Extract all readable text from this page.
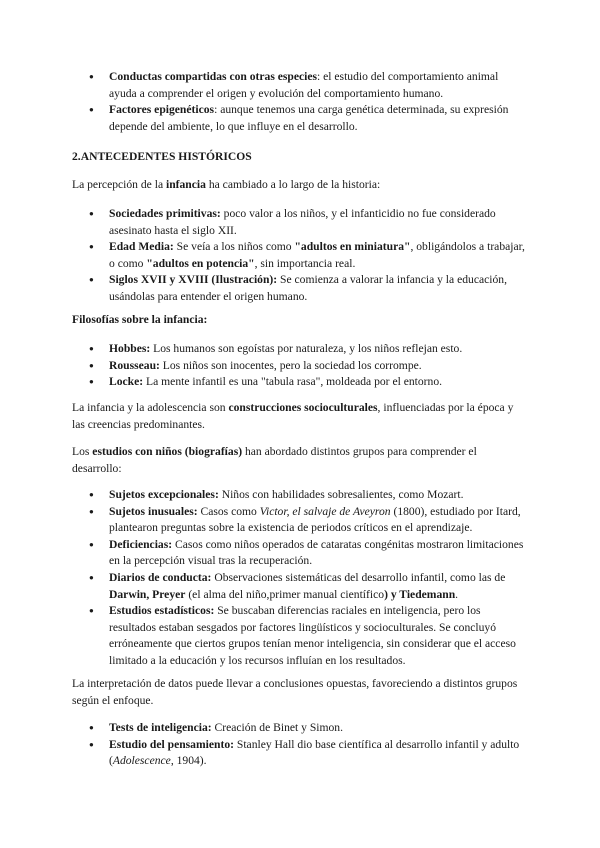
● Conductas compartidas con otras especies: el estudio del comportamiento animal ayuda a comprender el origen y evolución del comportamiento humano.
● Factores epigenéticos: aunque tenemos una carga genética determinada, su expresión depende del ambiente, lo que influye en el desarrollo.

2.ANTECEDENTES HISTÓRICOS

La percepción de la infancia ha cambiado a lo largo de la historia:

● Sociedades primitivas: poco valor a los niños, y el infanticidio no fue considerado asesinato hasta el siglo XII.
● Edad Media: Se veía a los niños como "adultos en miniatura", obligándolos a trabajar, o como "adultos en potencia", sin importancia real.
● Siglos XVII y XVIII (Ilustración): Se comienza a valorar la infancia y la educación, usándolas para entender el origen humano.

Filosofías sobre la infancia:

● Hobbes: Los humanos son egoístas por naturaleza, y los niños reflejan esto.
● Rousseau: Los niños son inocentes, pero la sociedad los corrompe.
● Locke: La mente infantil es una "tabula rasa", moldeada por el entorno.

La infancia y la adolescencia son construcciones socioculturales, influenciadas por la época y las creencias predominantes.

Los estudios con niños (biografías) han abordado distintos grupos para comprender el desarrollo:

● Sujetos excepcionales: Niños con habilidades sobresalientes, como Mozart.
● Sujetos inusuales: Casos como Victor, el salvaje de Aveyron (1800), estudiado por Itard, plantearon preguntas sobre la existencia de periodos críticos en el aprendizaje.
● Deficiencias: Casos como niños operados de cataratas congénitas mostraron limitaciones en la percepción visual tras la recuperación.
● Diarios de conducta: Observaciones sistemáticas del desarrollo infantil, como las de Darwin, Preyer (el alma del niño,primer manual científico) y Tiedemann.
● Estudios estadísticos: Se buscaban diferencias raciales en inteligencia, pero los resultados estaban sesgados por factores lingüísticos y socioculturales. Se concluyó erróneamente que ciertos grupos tenían menor inteligencia, sin considerar que el acceso limitado a la educación y los recursos influían en los resultados.

La interpretación de datos puede llevar a conclusiones opuestas, favoreciendo a distintos grupos según el enfoque.

● Tests de inteligencia: Creación de Binet y Simon.
● Estudio del pensamiento: Stanley Hall dio base científica al desarrollo infantil y adulto (Adolescence, 1904).
